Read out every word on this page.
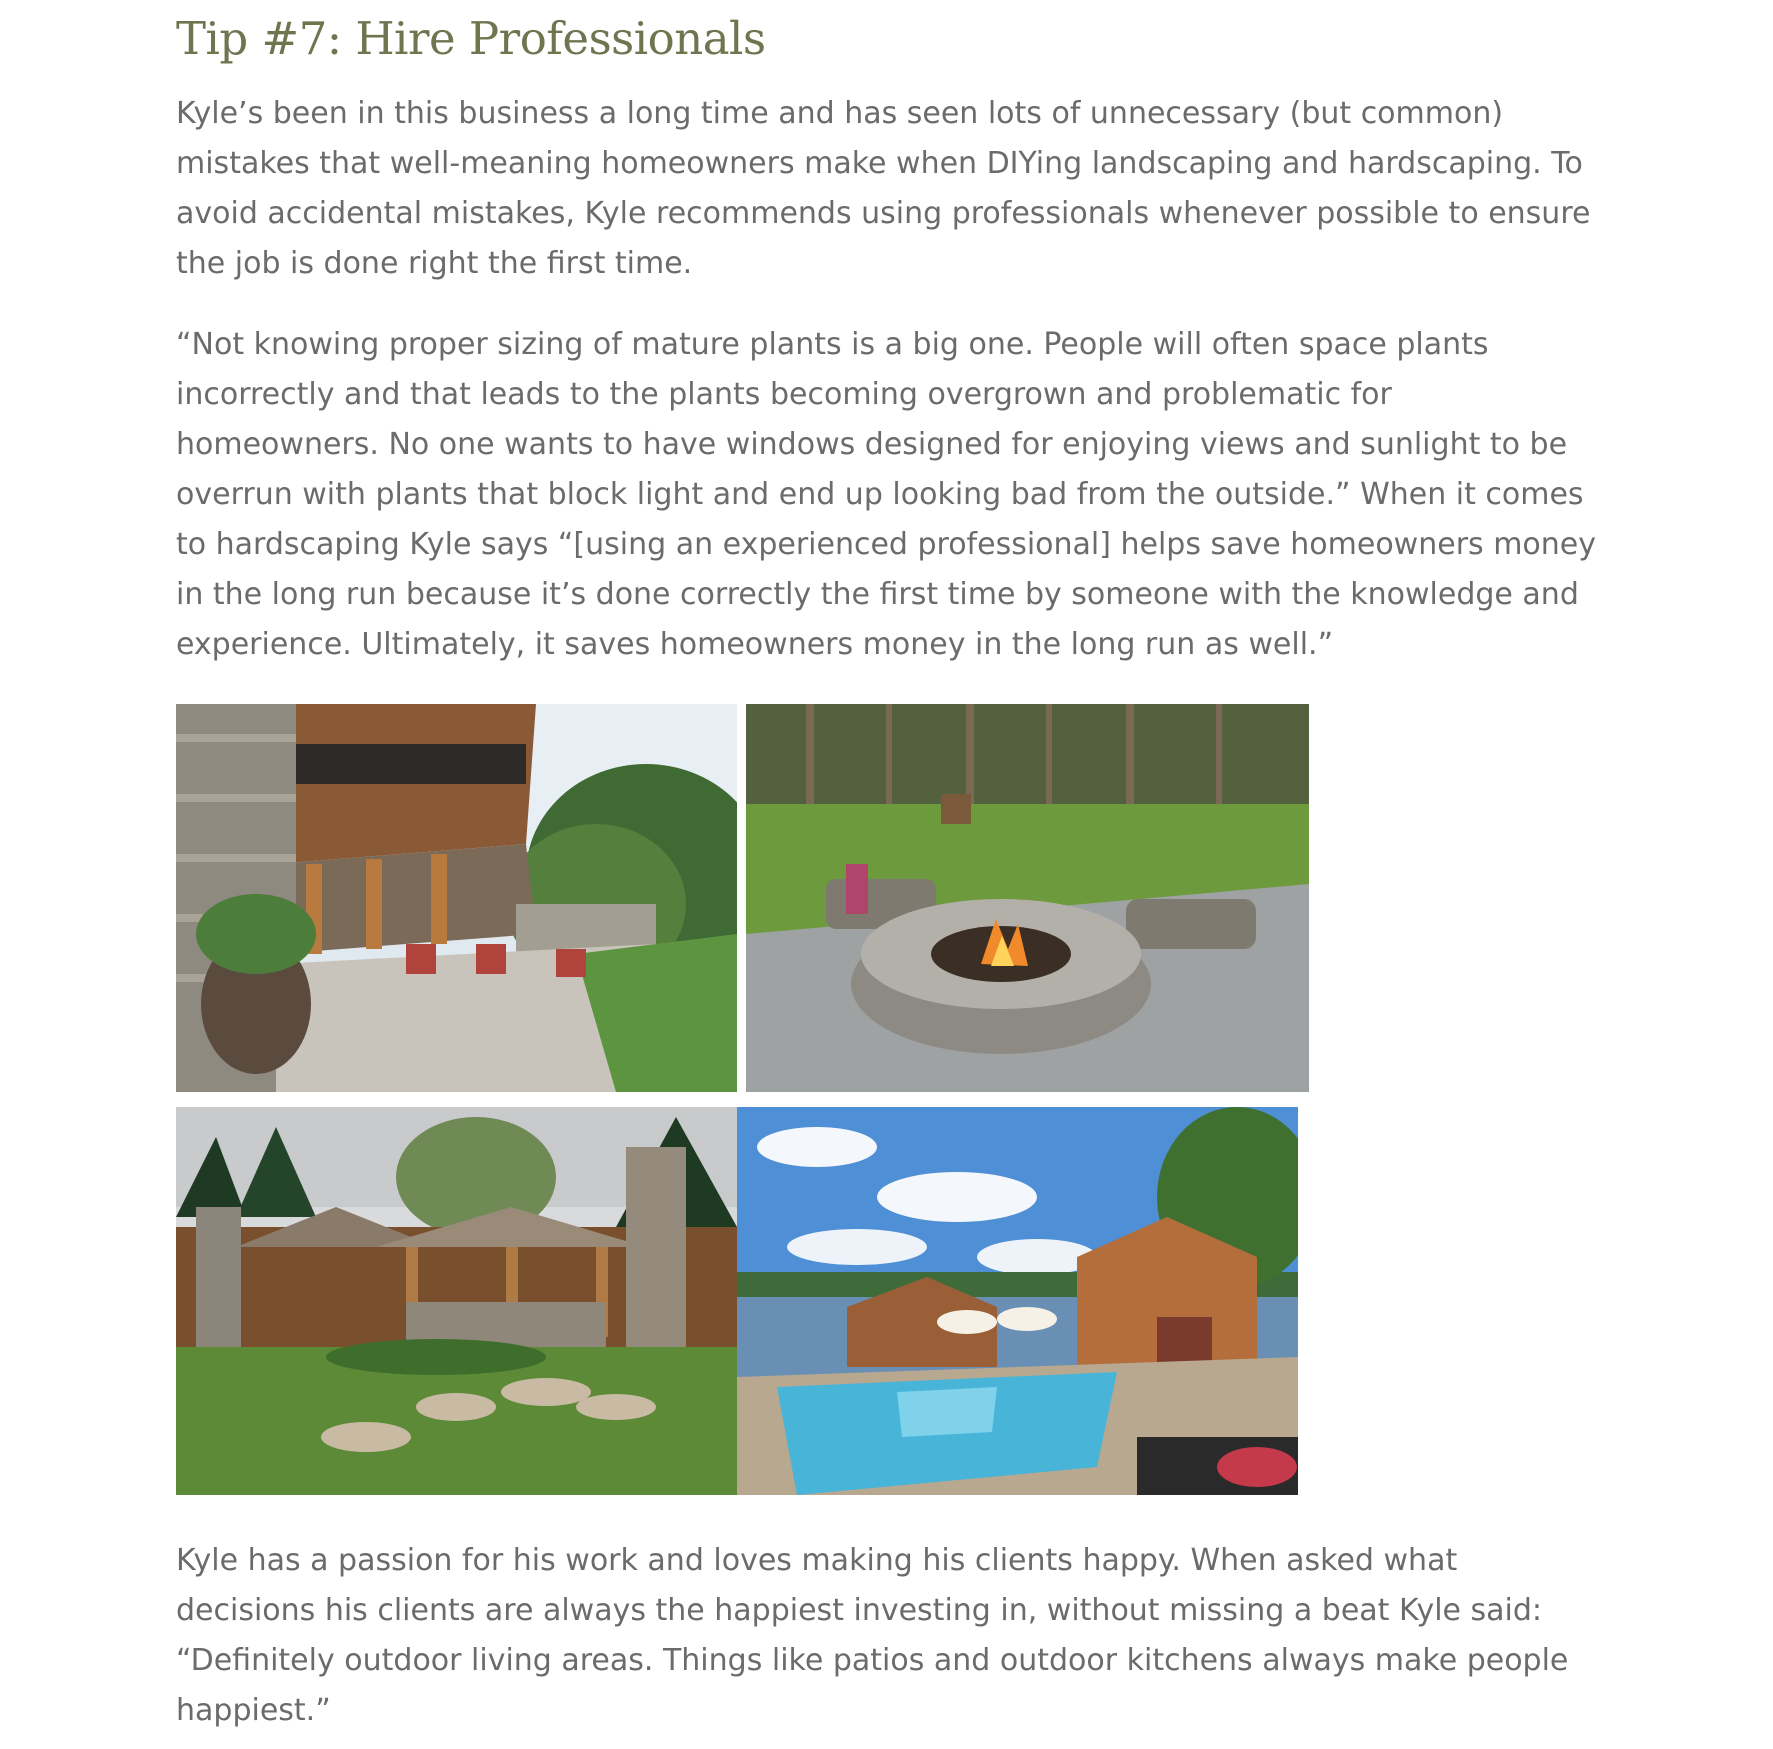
Tip #7: Hire Professionals

Kyle’s been in this business a long time and has seen lots of unnecessary (but common)
mistakes that well-meaning homeowners make when DIYing landscaping and hardscaping. To
avoid accidental mistakes, Kyle recommends using professionals whenever possible to ensure
the job is done right the first time.

“Not knowing proper sizing of mature plants is a big one. People will often space plants
incorrectly and that leads to the plants becoming overgrown and problematic for
homeowners. No one wants to have windows designed for enjoying views and sunlight to be
overrun with plants that block light and end up looking bad from the outside.” When it comes
to hardscaping Kyle says “[using an experienced professional] helps save homeowners money
in the long run because it’s done correctly the first time by someone with the knowledge and
experience. Ultimately, it saves homeowners money in the long run as well.”

Kyle has a passion for his work and loves making his clients happy. When asked what
decisions his clients are always the happiest investing in, without missing a beat Kyle said:
“Definitely outdoor living areas. Things like patios and outdoor kitchens always make people
happiest.”
